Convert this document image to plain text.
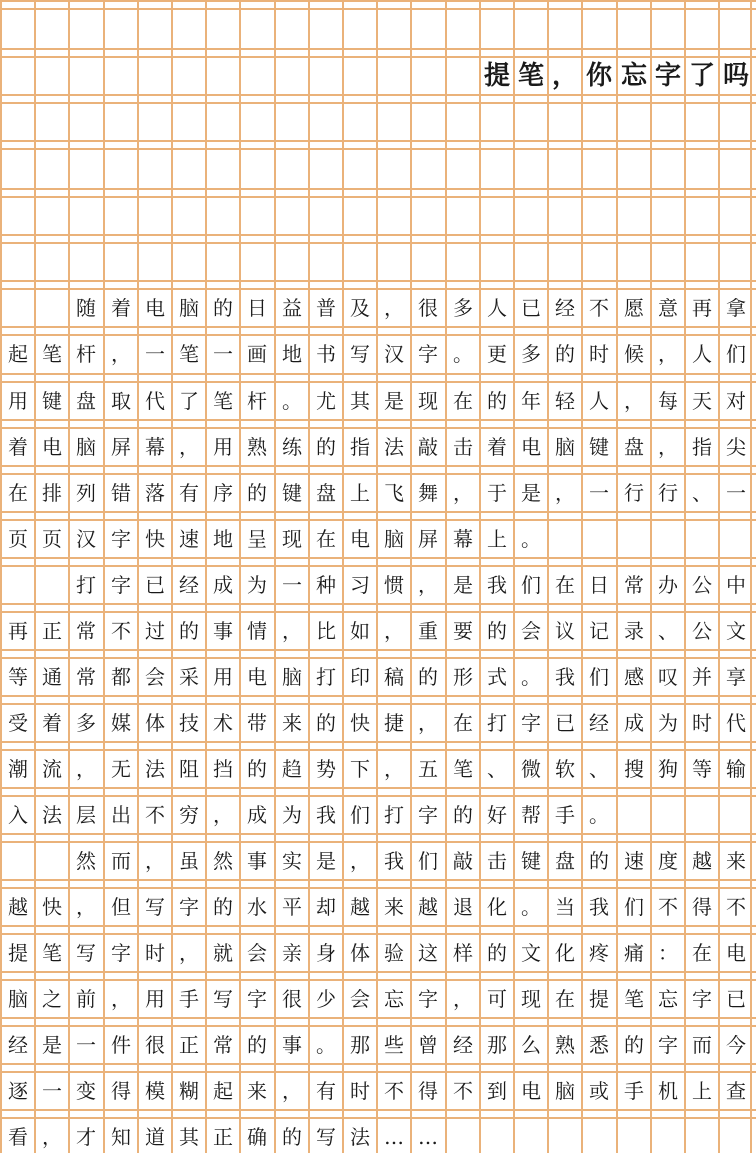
提 笔 ， 你 忘 字 了 吗
随 着 电 脑 的 日 益 普 及 ， 很 多 人 已 经 不 愿 意 再 拿
起 笔 杆 ， 一 笔 一 画 地 书 写 汉 字 。 更 多 的 时 候 ， 人 们
用 键 盘 取 代 了 笔 杆 。 尤 其 是 现 在 的 年 轻 人 ， 每 天 对
着 电 脑 屏 幕 ， 用 熟 练 的 指 法 敲 击 着 电 脑 键 盘 ， 指 尖
在 排 列 错 落 有 序 的 键 盘 上 飞 舞 ， 于 是 ， 一 行 行 、 一
页 页 汉 字 快 速 地 呈 现 在 电 脑 屏 幕 上 。
打 字 已 经 成 为 一 种 习 惯 ， 是 我 们 在 日 常 办 公 中
再 正 常 不 过 的 事 情 ， 比 如 ， 重 要 的 会 议 记 录 、 公 文
等 通 常 都 会 采 用 电 脑 打 印 稿 的 形 式 。 我 们 感 叹 并 享
受 着 多 媒 体 技 术 带 来 的 快 捷 ， 在 打 字 已 经 成 为 时 代
潮 流 ， 无 法 阻 挡 的 趋 势 下 ， 五 笔 、 微 软 、 搜 狗 等 输
入 法 层 出 不 穷 ， 成 为 我 们 打 字 的 好 帮 手 。
然 而 ， 虽 然 事 实 是 ， 我 们 敲 击 键 盘 的 速 度 越 来
越 快 ， 但 写 字 的 水 平 却 越 来 越 退 化 。 当 我 们 不 得 不
提 笔 写 字 时 ， 就 会 亲 身 体 验 这 样 的 文 化 疼 痛 ： 在 电
脑 之 前 ， 用 手 写 字 很 少 会 忘 字 ， 可 现 在 提 笔 忘 字 已
经 是 一 件 很 正 常 的 事 。 那 些 曾 经 那 么 熟 悉 的 字 而 今
逐 一 变 得 模 糊 起 来 ， 有 时 不 得 不 到 电 脑 或 手 机 上 查
看 ， 才 知 道 其 正 确 的 写 法 … …
